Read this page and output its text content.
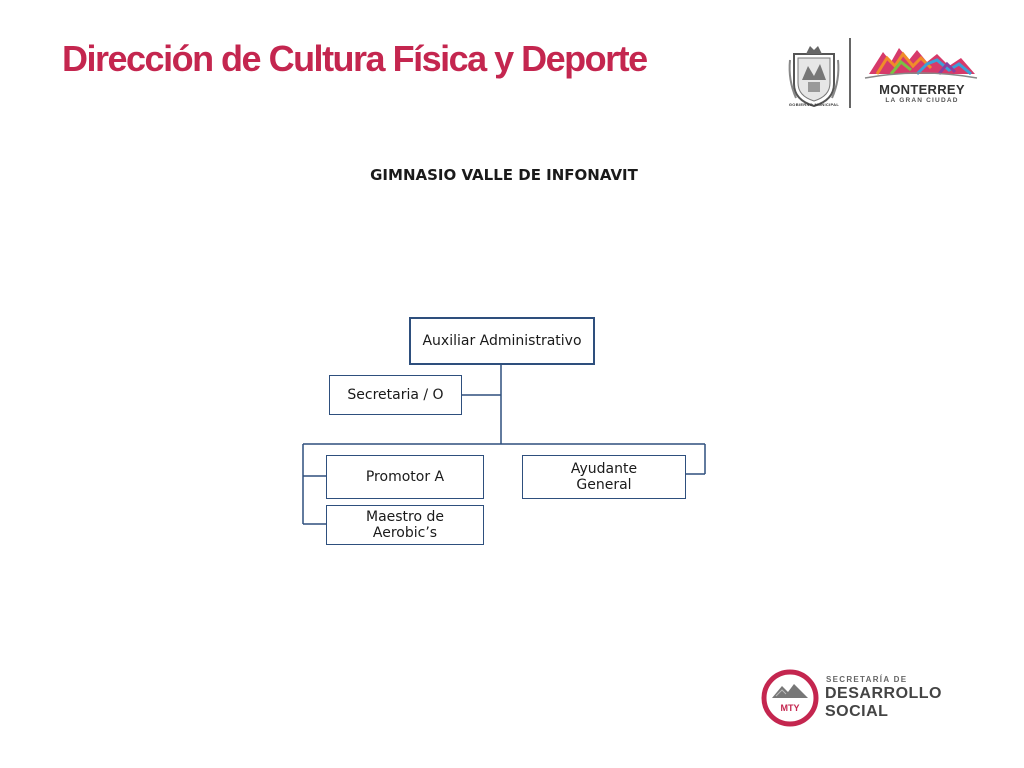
Dirección de Cultura Física y Deporte
GOBIERNO MUNICIPAL
MONTERREY
LA GRAN CIUDAD
GIMNASIO VALLE DE INFONAVIT
Auxiliar Administrativo
Secretaria / O
Promotor A
Maestro de
Aerobic’s
Ayudante
General
MTY
SECRETARÍA DE
DESARROLLO
SOCIAL
